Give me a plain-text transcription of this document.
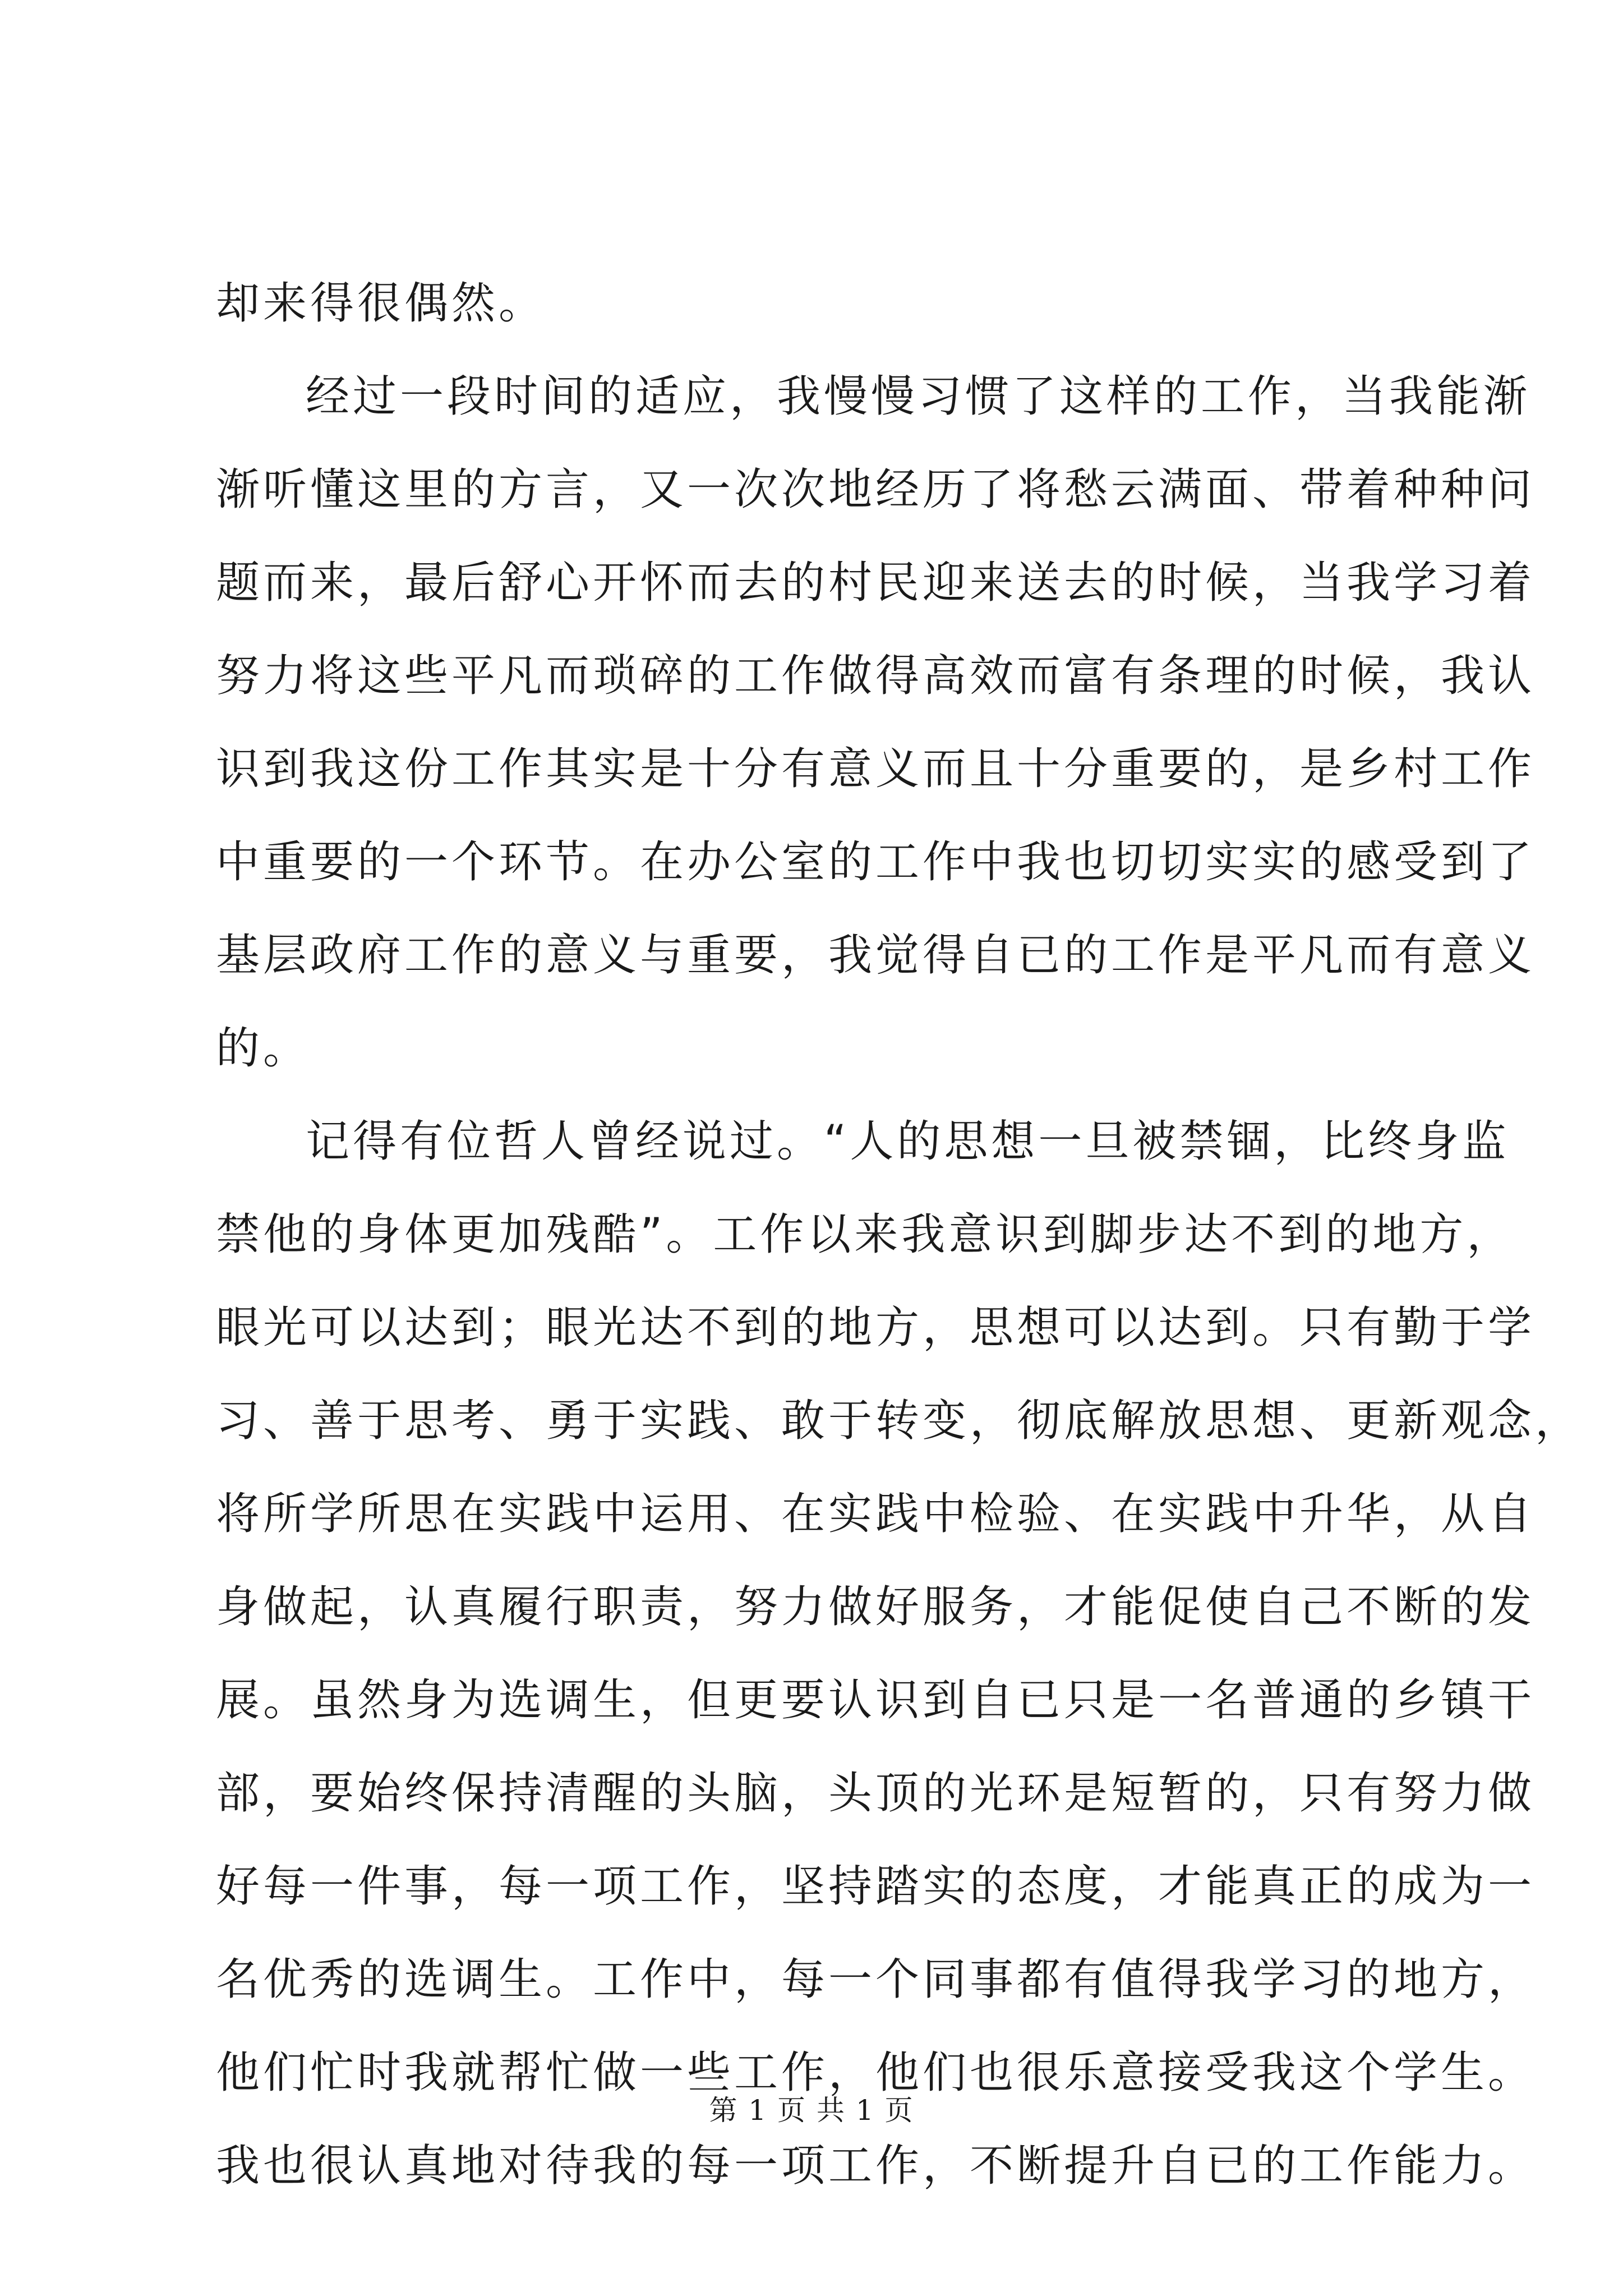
却来得很偶然。
经过一段时间的适应，我慢慢习惯了这样的工作，当我能渐
渐听懂这里的方言，又一次次地经历了将愁云满面、带着种种问
题而来，最后舒心开怀而去的村民迎来送去的时候，当我学习着
努力将这些平凡而琐碎的工作做得高效而富有条理的时候，我认
识到我这份工作其实是十分有意义而且十分重要的，是乡村工作
中重要的一个环节。在办公室的工作中我也切切实实的感受到了
基层政府工作的意义与重要，我觉得自已的工作是平凡而有意义
的。
记得有位哲人曾经说过。“人的思想一旦被禁锢，比终身监
禁他的身体更加残酷”。工作以来我意识到脚步达不到的地方，
眼光可以达到；眼光达不到的地方，思想可以达到。只有勤于学
习、善于思考、勇于实践、敢于转变，彻底解放思想、更新观念，
将所学所思在实践中运用、在实践中检验、在实践中升华，从自
身做起，认真履行职责，努力做好服务，才能促使自己不断的发
展。虽然身为选调生，但更要认识到自已只是一名普通的乡镇干
部，要始终保持清醒的头脑，头顶的光环是短暂的，只有努力做
好每一件事，每一项工作，坚持踏实的态度，才能真正的成为一
名优秀的选调生。工作中，每一个同事都有值得我学习的地方，
他们忙时我就帮忙做一些工作，他们也很乐意接受我这个学生。
我也很认真地对待我的每一项工作，不断提升自已的工作能力。
第 1 页 共 1 页
